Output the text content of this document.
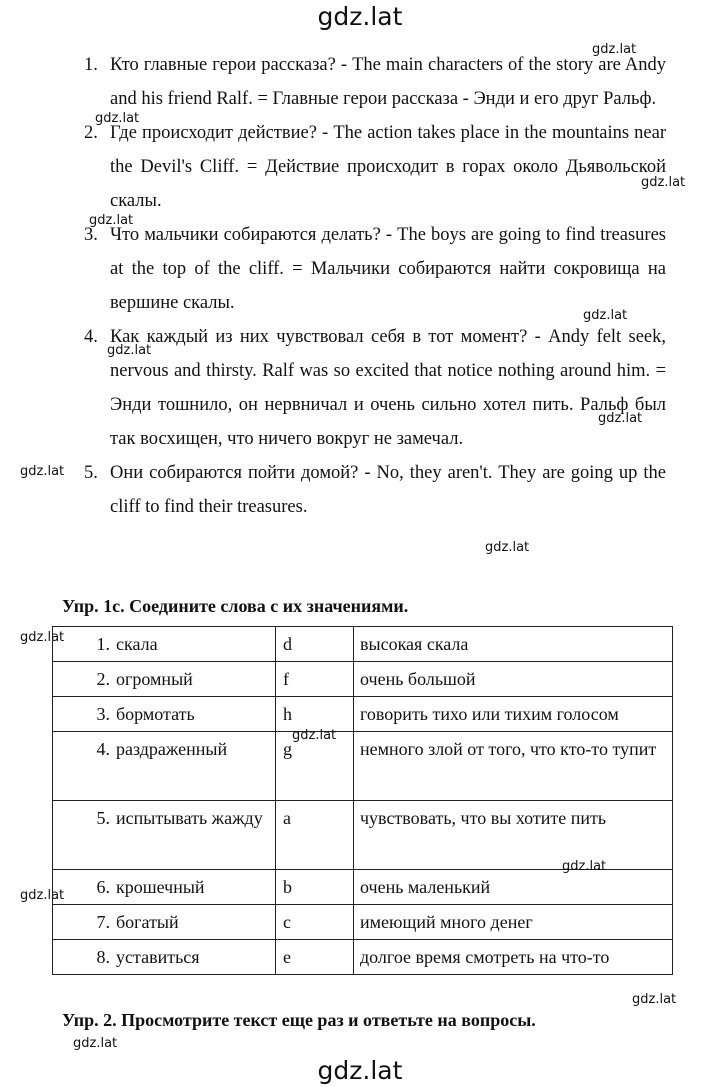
gdz.lat
1. Кто главные герои рассказа? - The main characters of the story are Andy and his friend Ralf. = Главные герои рассказа - Энди и его друг Ральф.
2. Где происходит действие? - The action takes place in the mountains near the Devil's Cliff. = Действие происходит в горах около Дьявольской скалы.
3. Что мальчики собираются делать? - The boys are going to find treasures at the top of the cliff. = Мальчики собираются найти сокровища на вершине скалы.
4. Как каждый из них чувствовал себя в тот момент? - Andy felt seek, nervous and thirsty. Ralf was so excited that notice nothing around him. = Энди тошнило, он нервничал и очень сильно хотел пить. Ральф был так восхищен, что ничего вокруг не замечал.
5. Они собираются пойти домой? - No, they aren't. They are going up the cliff to find their treasures.
Упр. 1с. Соедините слова с их значениями.
1. скала	d	высокая скала

2. огромный	f	очень большой

3. бормотать	h	говорить тихо или тихим голосом

4. раздраженный	g	немного злой от того, что кто-то тупит

5. испытывать жажду	a	чувствовать, что вы хотите пить

6. крошечный	b	очень маленький

7. богатый	c	имеющий много денег

8. уставиться	e	долгое время смотреть на что-то
Упр. 2. Просмотрите текст еще раз и ответьте на вопросы.
gdz.lat
gdz.lat
gdz.lat
gdz.lat
gdz.lat
gdz.lat
gdz.lat
gdz.lat
gdz.lat
gdz.lat
gdz.lat
gdz.lat
gdz.lat
gdz.lat
gdz.lat
gdz.lat
